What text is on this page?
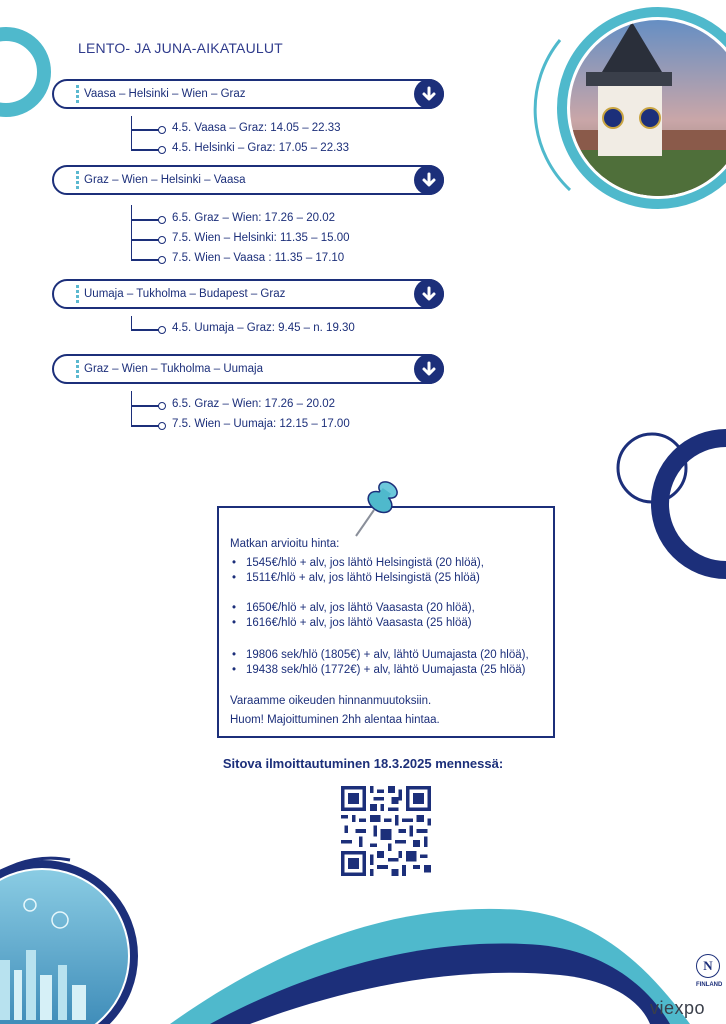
LENTO- JA JUNA-AIKATAULUT
Vaasa – Helsinki – Wien – Graz
4.5. Vaasa – Graz: 14.05 – 22.33
4.5. Helsinki – Graz: 17.05 – 22.33
Graz – Wien – Helsinki – Vaasa
6.5. Graz – Wien: 17.26 – 20.02
7.5. Wien – Helsinki: 11.35 – 15.00
7.5. Wien – Vaasa : 11.35 – 17.10
Uumaja – Tukholma – Budapest – Graz
4.5. Uumaja – Graz: 9.45 – n. 19.30
Graz – Wien – Tukholma – Uumaja
6.5. Graz – Wien: 17.26 – 20.02
7.5. Wien – Uumaja: 12.15 – 17.00
Matkan arvioitu hinta:
• 1545€/hlö + alv, jos lähtö Helsingistä (20 hlöä),
• 1511€/hlö + alv, jos lähtö Helsingistä (25 hlöä)
• 1650€/hlö + alv, jos lähtö Vaasasta (20 hlöä),
• 1616€/hlö + alv, jos lähtö Vaasasta (25 hlöä)
• 19806 sek/hlö (1805€) + alv, lähtö Uumajasta (20 hlöä),
• 19438 sek/hlö (1772€) + alv, lähtö Uumajasta (25 hlöä)
Varaamme oikeuden hinnanmuutoksiin.
Huom! Majoittuminen 2hh alentaa hintaa.
Sitova ilmoittautuminen 18.3.2025 mennessä:
N
FINLAND
viexpo
